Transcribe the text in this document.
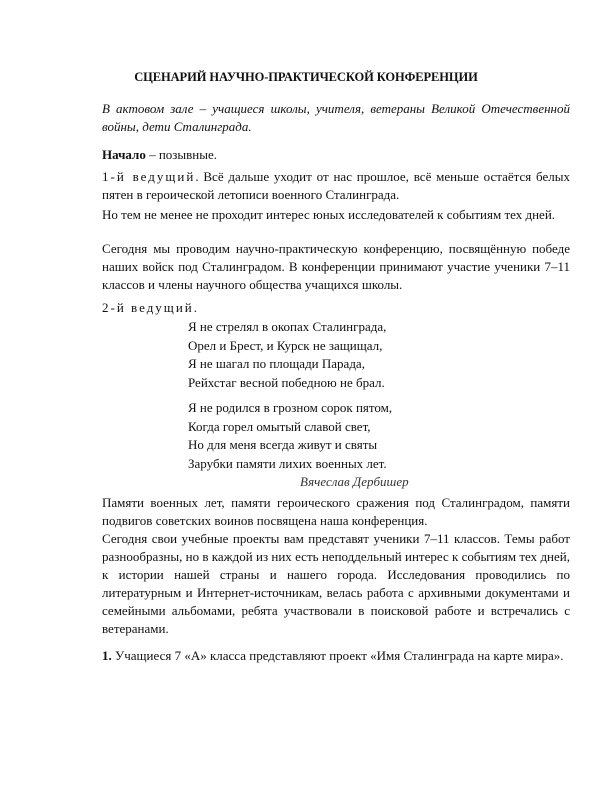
СЦЕНАРИЙ НАУЧНО-ПРАКТИЧЕСКОЙ КОНФЕРЕНЦИИ
В актовом зале – учащиеся школы, учителя, ветераны Великой Отечественной войны, дети Сталинграда.
Начало – позывные.
1-й ведущий. Всё дальше уходит от нас прошлое, всё меньше остаётся белых пятен в героической летописи военного Сталинграда.
Но тем не менее не проходит интерес юных исследователей к событиям тех дней.
Сегодня мы проводим научно-практическую конференцию, посвящённую победе наших войск под Сталинградом. В конференции принимают участие ученики 7–11 классов и члены научного общества учащихся школы.
2-й ведущий.
Я не стрелял в окопах Сталинграда,
Орел и Брест, и Курск не защищал,
Я не шагал по площади Парада,
Рейхстаг весной победною не брал.
Я не родился в грозном сорок пятом,
Когда горел омытый славой свет,
Но для меня всегда живут и святы
Зарубки памяти лихих военных лет.
Вячеслав Дербишер
Памяти военных лет, памяти героического сражения под Сталинградом, памяти подвигов советских воинов посвящена наша конференция.
Сегодня свои учебные проекты вам представят ученики 7–11 классов. Темы работ разнообразны, но в каждой из них есть неподдельный интерес к событиям тех дней, к истории нашей страны и нашего города. Исследования проводились по литературным и Интернет-источникам, велась работа с архивными документами и семейными альбомами, ребята участвовали в поисковой работе и встречались с ветеранами.
1. Учащиеся 7 «А» класса представляют проект «Имя Сталинграда на карте мира».
